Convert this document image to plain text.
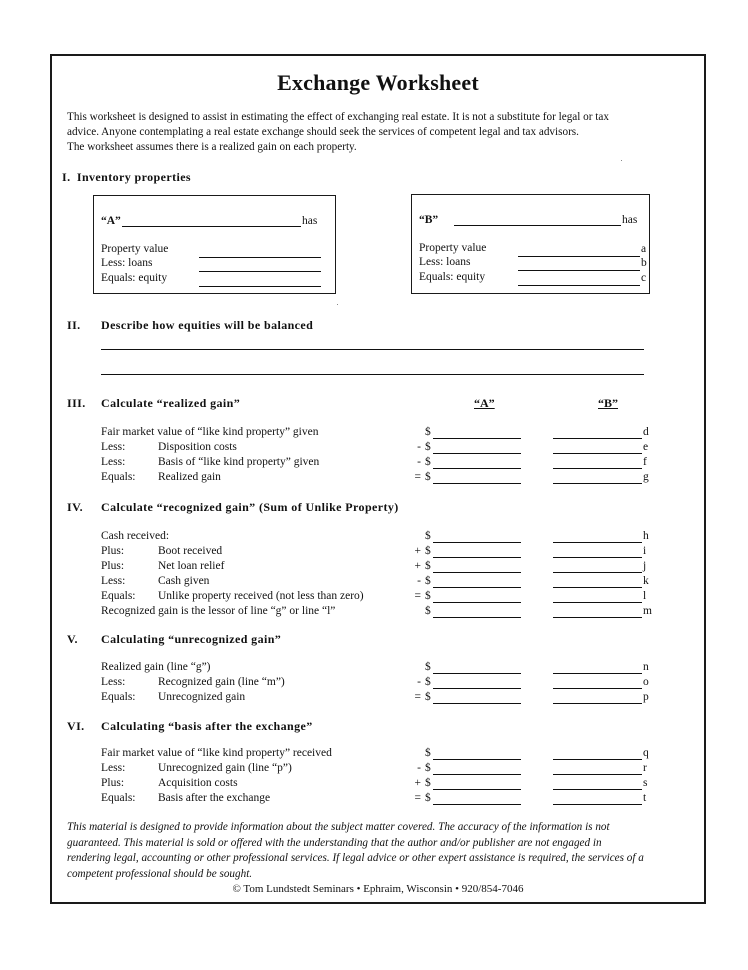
Exchange Worksheet
This worksheet is designed to assist in estimating the effect of exchanging real estate. It is not a substitute for legal or tax
advice. Anyone contemplating a real estate exchange should seek the services of competent legal and tax advisors.
The worksheet assumes there is a realized gain on each property.
I. Inventory properties
“A”	has
Property value
Less: loans
Equals: equity
“B”	has
Property value	a
Less: loans	b
Equals: equity	c
II. Describe how equities will be balanced
III. Calculate “realized gain”	“A”	“B”
Fair market value of “like kind property” given	$	d
Less:	Disposition costs	- $	e
Less:	Basis of “like kind property” given	- $	f
Equals: Realized gain	= $	g
IV. Calculate “recognized gain” (Sum of Unlike Property)
Cash received:	$	h
Plus:	Boot received	+ $	i
Plus:	Net loan relief	+ $	j
Less:	Cash given	- $	k
Equals: Unlike property received (not less than zero)	= $	l
Recognized gain is the lessor of line “g” or line “l”	$	m
V. Calculating “unrecognized gain”
Realized gain (line “g”)	$	n
Less:	Recognized gain (line “m”)	- $	o
Equals: Unrecognized gain	= $	p
VI. Calculating “basis after the exchange”
Fair market value of “like kind property” received	$	q
Less:	Unrecognized gain (line “p”)	- $	r
Plus:	Acquisition costs	+ $	s
Equals: Basis after the exchange	= $	t
This material is designed to provide information about the subject matter covered. The accuracy of the information is not
guaranteed. This material is sold or offered with the understanding that the author and/or publisher are not engaged in
rendering legal, accounting or other professional services. If legal advice or other expert assistance is required, the services of a
competent professional should be sought.
© Tom Lundstedt Seminars • Ephraim, Wisconsin • 920/854-7046
